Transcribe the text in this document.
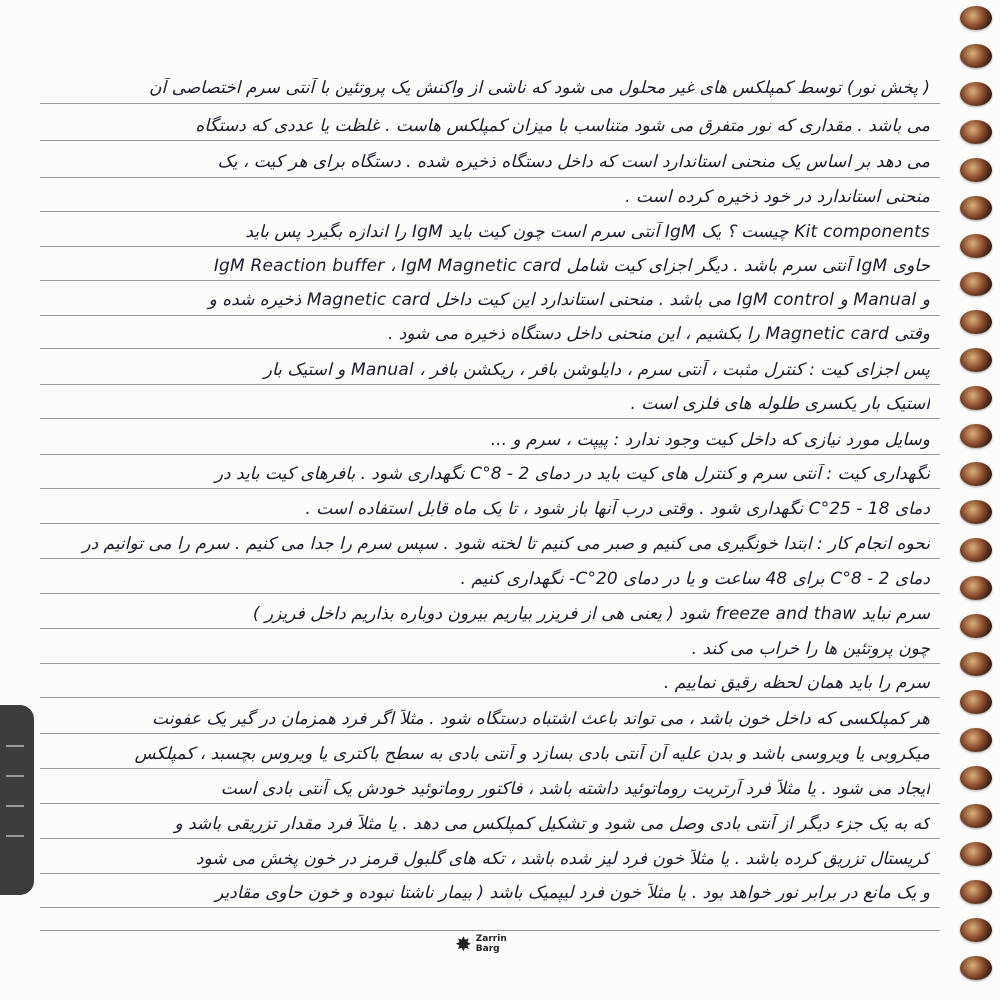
( پخش نور) توسط کمپلکس های غیر محلول می شود که ناشی از واکنش یک پروتئین با آنتی سرم اختصاصی آن
می باشد . مقداری که نور متفرق می شود متناسب با میزان کمپلکس هاست . غلظت یا عددی که دستگاه
می دهد بر اساس یک منحنی استاندارد است که داخل دستگاه ذخیره شده . دستگاه برای هر کیت ، یک
منحنی استاندارد در خود ذخیره کرده است .
Kit components چیست ؟ یک IgM آنتی سرم است چون کیت باید IgM را اندازه بگیرد پس باید
حاوی IgM آنتی سرم باشد . دیگر اجزای کیت شامل IgM Reaction buffer ، IgM Magnetic card
و Manual و IgM control می باشد . منحنی استاندارد این کیت داخل Magnetic card ذخیره شده و
وقتی Magnetic card را بکشیم ، این منحنی داخل دستگاه ذخیره می شود .
پس اجزای کیت : کنترل مثبت ، آنتی سرم ، دایلوشن بافر ، ریکشن بافر ، Manual و استیک بار
استیک بار یکسری طلوله های فلزی است .
وسایل مورد نیازی که داخل کیت وجود ندارد : پیپت ، سرم و ...
نگهداری کیت : آنتی سرم و کنترل های کیت باید در دمای 2 - 8°C نگهداری شود . بافرهای کیت باید در
دمای 18 - 25°C نگهداری شود . وقتی درب آنها باز شود ، تا یک ماه قابل استفاده است .
نحوه انجام کار : ابتدا خونگیری می کنیم و صبر می کنیم تا لخته شود . سپس سرم را جدا می کنیم . سرم را می توانیم در
دمای 2 - 8°C برای 48 ساعت و یا در دمای 20°C- نگهداری کنیم .
سرم نباید freeze and thaw شود ( یعنی هی از فریزر بیاریم بیرون دوباره بذاریم داخل فریزر )
چون پروتئین ها را خراب می کند .
سرم را باید همان لحظه رقیق نماییم .
هر کمپلکسی که داخل خون باشد ، می تواند باعث اشتباه دستگاه شود . مثلاً اگر فرد همزمان در گیر یک عفونت
میکروبی یا ویروسی باشد و بدن علیه آن آنتی بادی بسازد و آنتی بادی به سطح باکتری یا ویروس بچسبد ، کمپلکس
ایجاد می شود . یا مثلاً فرد آرتریت روماتوئید داشته باشد ، فاکتور روماتوئید خودش یک آنتی بادی است
که به یک جزء دیگر از آنتی بادی وصل می شود و تشکیل کمپلکس می دهد . یا مثلاً فرد مقدار تزریقی باشد و
کریستال تزریق کرده باشد . یا مثلاً خون فرد لیز شده باشد ، تکه های گلبول قرمز در خون پخش می شود
و یک مانع در برابر نور خواهد بود . یا مثلاً خون فرد لیپمیک باشد ( بیمار ناشتا نبوده و خون حاوی مقادیر
✸ Zarrin
Barg
